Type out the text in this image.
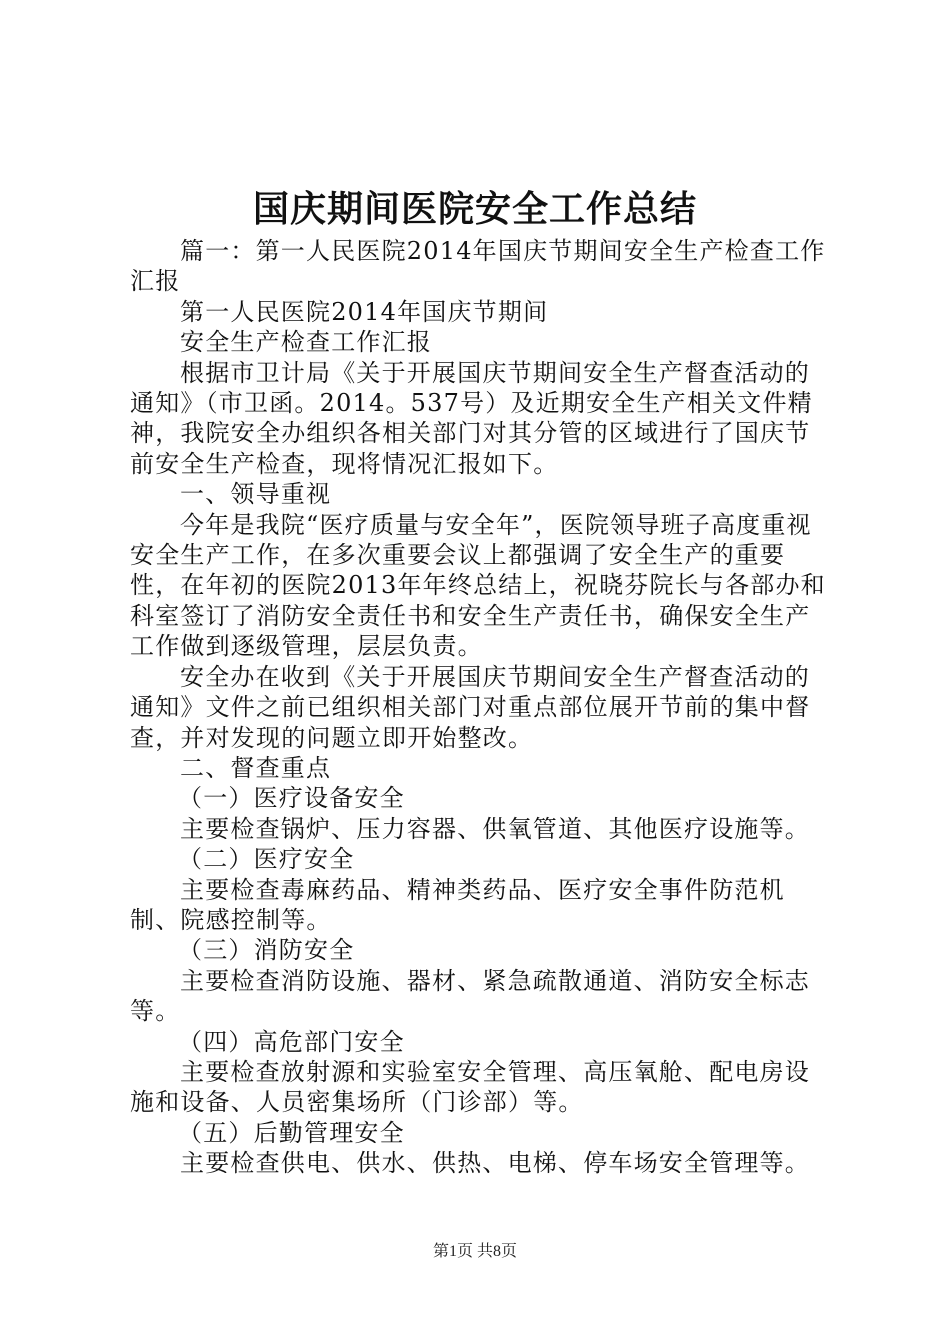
国庆期间医院安全工作总结

篇一：第一人民医院2014年国庆节期间安全生产检查工作汇报

第一人民医院2014年国庆节期间

安全生产检查工作汇报

根据市卫计局《关于开展国庆节期间安全生产督查活动的通知》（市卫函。2014。537号）及近期安全生产相关文件精神，我院安全办组织各相关部门对其分管的区域进行了国庆节前安全生产检查，现将情况汇报如下。

一、领导重视

今年是我院“医疗质量与安全年”，医院领导班子高度重视安全生产工作，在多次重要会议上都强调了安全生产的重要性，在年初的医院2013年年终总结上，祝晓芬院长与各部办和科室签订了消防安全责任书和安全生产责任书，确保安全生产工作做到逐级管理，层层负责。

安全办在收到《关于开展国庆节期间安全生产督查活动的通知》文件之前已组织相关部门对重点部位展开节前的集中督查，并对发现的问题立即开始整改。

二、督查重点

（一）医疗设备安全

主要检查锅炉、压力容器、供氧管道、其他医疗设施等。

（二）医疗安全

主要检查毒麻药品、精神类药品、医疗安全事件防范机制、院感控制等。

（三）消防安全

主要检查消防设施、器材、紧急疏散通道、消防安全标志等。

（四）高危部门安全

主要检查放射源和实验室安全管理、高压氧舱、配电房设施和设备、人员密集场所（门诊部）等。

（五）后勤管理安全

主要检查供电、供水、供热、电梯、停车场安全管理等。

第1页 共8页
